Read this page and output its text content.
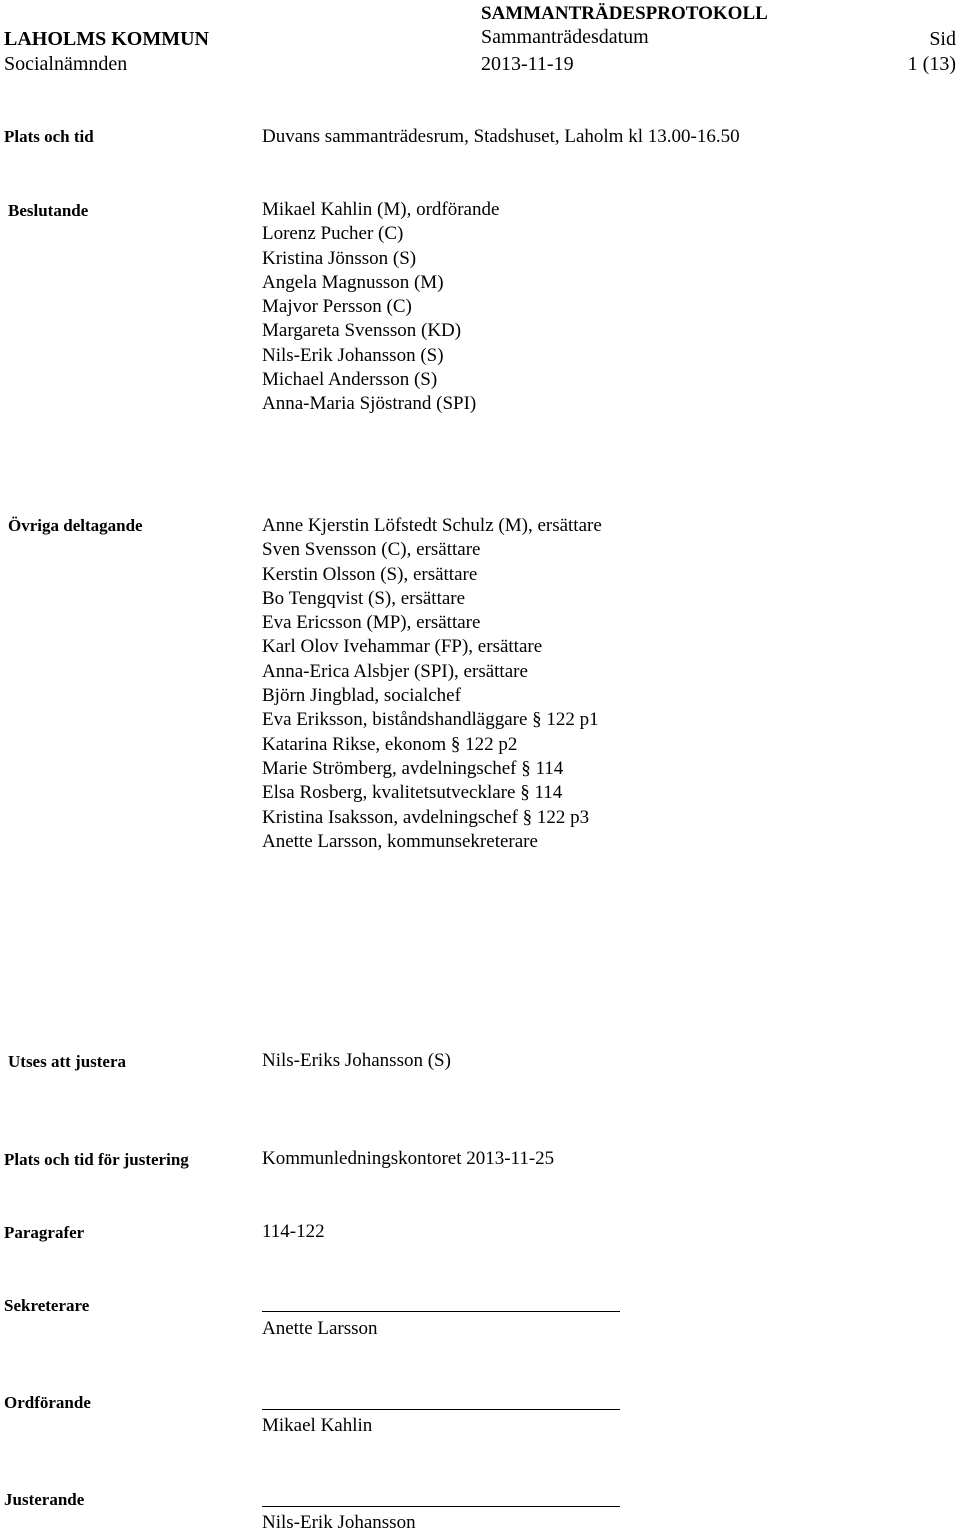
LAHOLMS KOMMUN
Socialnämnden
SAMMANTRÄDESPROTOKOLL
Sammanträdesdatum
2013-11-19
Sid
1 (13)
Plats och tid	Duvans sammanträdesrum, Stadshuset, Laholm kl 13.00-16.50
Beslutande	Mikael Kahlin (M), ordförande
Lorenz Pucher (C)
Kristina Jönsson (S)
Angela Magnusson (M)
Majvor Persson (C)
Margareta Svensson (KD)
Nils-Erik Johansson (S)
Michael Andersson (S)
Anna-Maria Sjöstrand (SPI)
Övriga deltagande	Anne Kjerstin Löfstedt Schulz (M), ersättare
Sven Svensson (C), ersättare
Kerstin Olsson (S), ersättare
Bo Tengqvist (S), ersättare
Eva Ericsson (MP), ersättare
Karl Olov Ivehammar (FP), ersättare
Anna-Erica Alsbjer (SPI), ersättare
Björn Jingblad, socialchef
Eva Eriksson, biståndshandläggare § 122 p1
Katarina Rikse, ekonom § 122 p2
Marie Strömberg, avdelningschef § 114
Elsa Rosberg, kvalitetsutvecklare § 114
Kristina Isaksson, avdelningschef § 122 p3
Anette Larsson, kommunsekreterare
Utses att justera	Nils-Eriks Johansson (S)
Plats och tid för justering	Kommunledningskontoret 2013-11-25
Paragrafer	114-122
Sekreterare
Anette Larsson
Ordförande
Mikael Kahlin
Justerande
Nils-Erik Johansson
